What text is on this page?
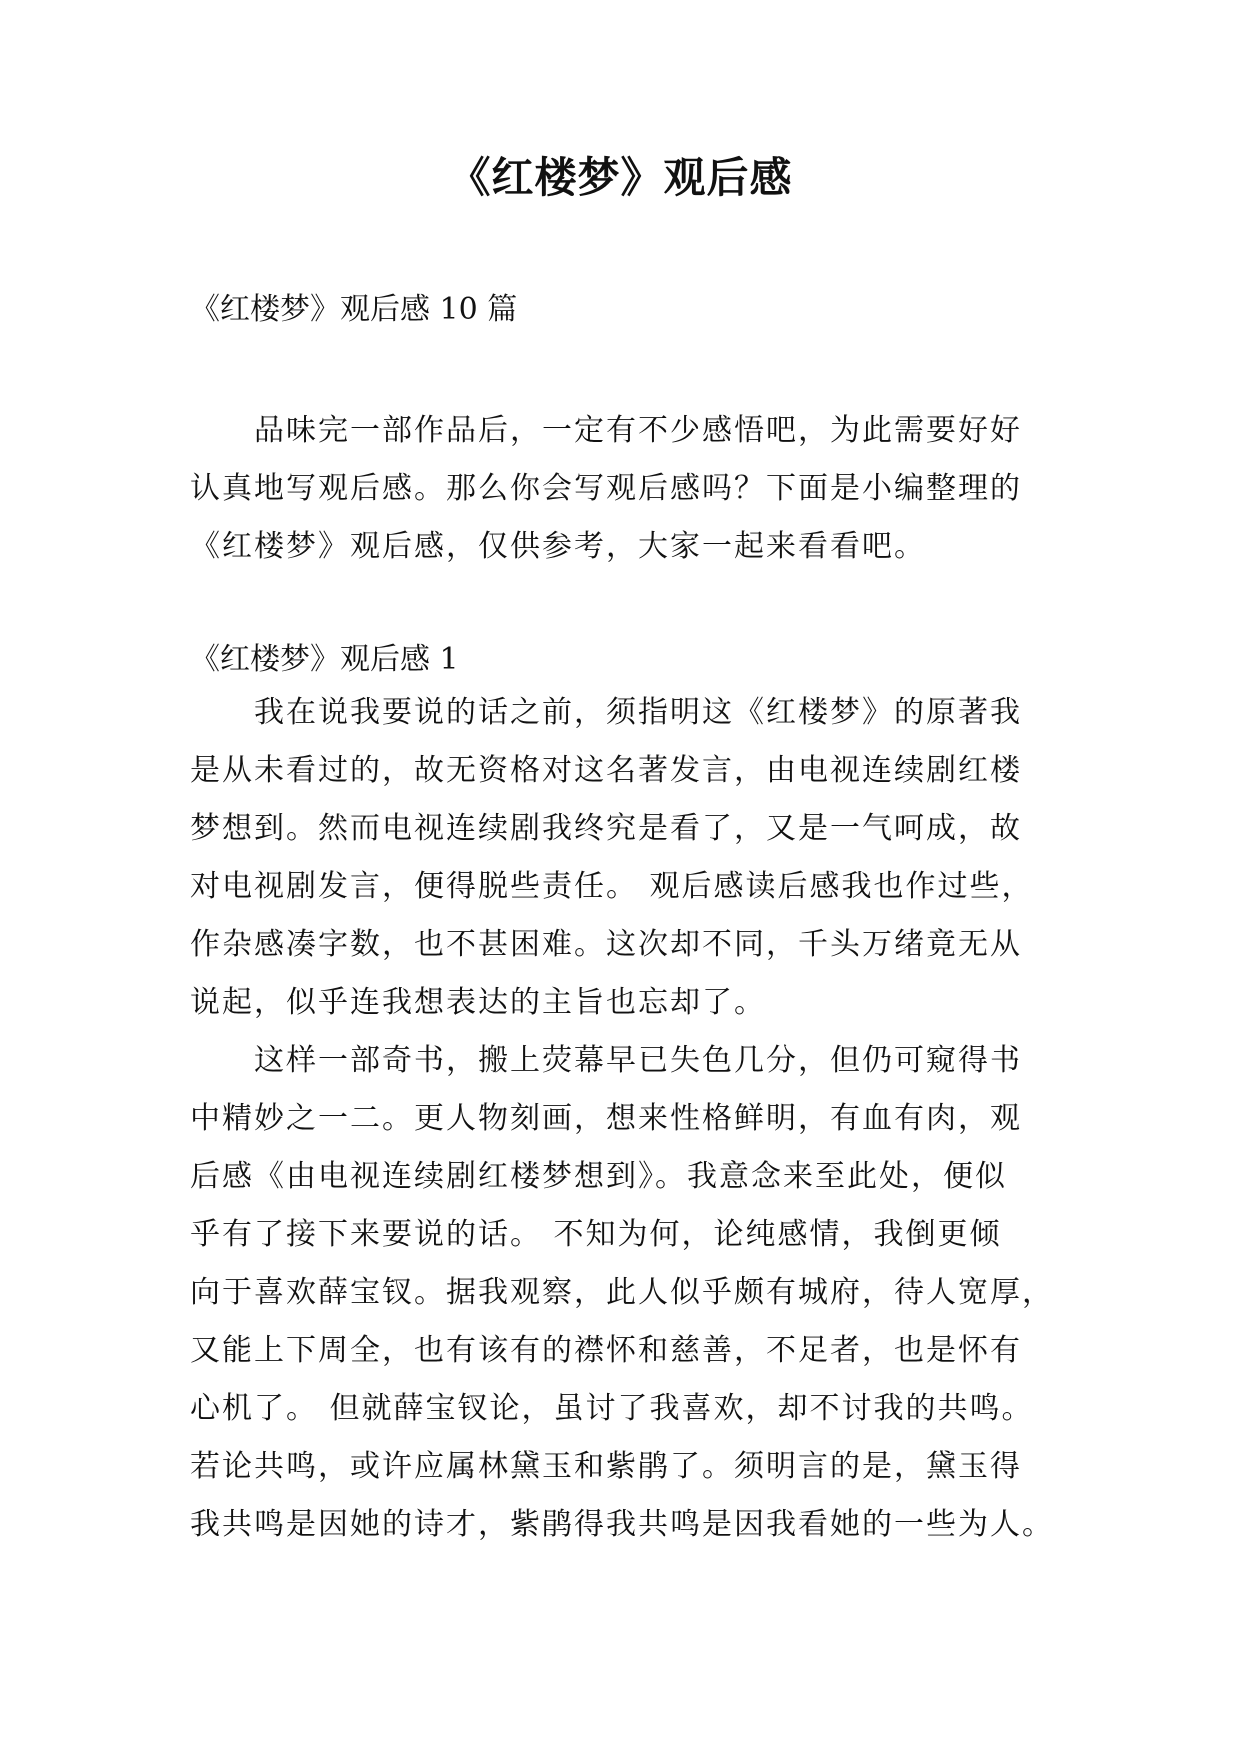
《红楼梦》观后感
《红楼梦》观后感 10 篇
品味完一部作品后，一定有不少感悟吧，为此需要好好
认真地写观后感。那么你会写观后感吗？下面是小编整理的
《红楼梦》观后感，仅供参考，大家一起来看看吧。
《红楼梦》观后感 1
我在说我要说的话之前，须指明这《红楼梦》的原著我
是从未看过的，故无资格对这名著发言，由电视连续剧红楼
梦想到。然而电视连续剧我终究是看了，又是一气呵成，故
对电视剧发言，便得脱些责任。 观后感读后感我也作过些，
作杂感凑字数，也不甚困难。这次却不同，千头万绪竟无从
说起，似乎连我想表达的主旨也忘却了。
这样一部奇书，搬上荧幕早已失色几分，但仍可窥得书
中精妙之一二。更人物刻画，想来性格鲜明，有血有肉，观
后感《由电视连续剧红楼梦想到》。我意念来至此处，便似
乎有了接下来要说的话。 不知为何，论纯感情，我倒更倾
向于喜欢薛宝钗。据我观察，此人似乎颇有城府，待人宽厚，
又能上下周全，也有该有的襟怀和慈善，不足者，也是怀有
心机了。 但就薛宝钗论，虽讨了我喜欢，却不讨我的共鸣。
若论共鸣，或许应属林黛玉和紫鹃了。须明言的是，黛玉得
我共鸣是因她的诗才，紫鹃得我共鸣是因我看她的一些为人。
